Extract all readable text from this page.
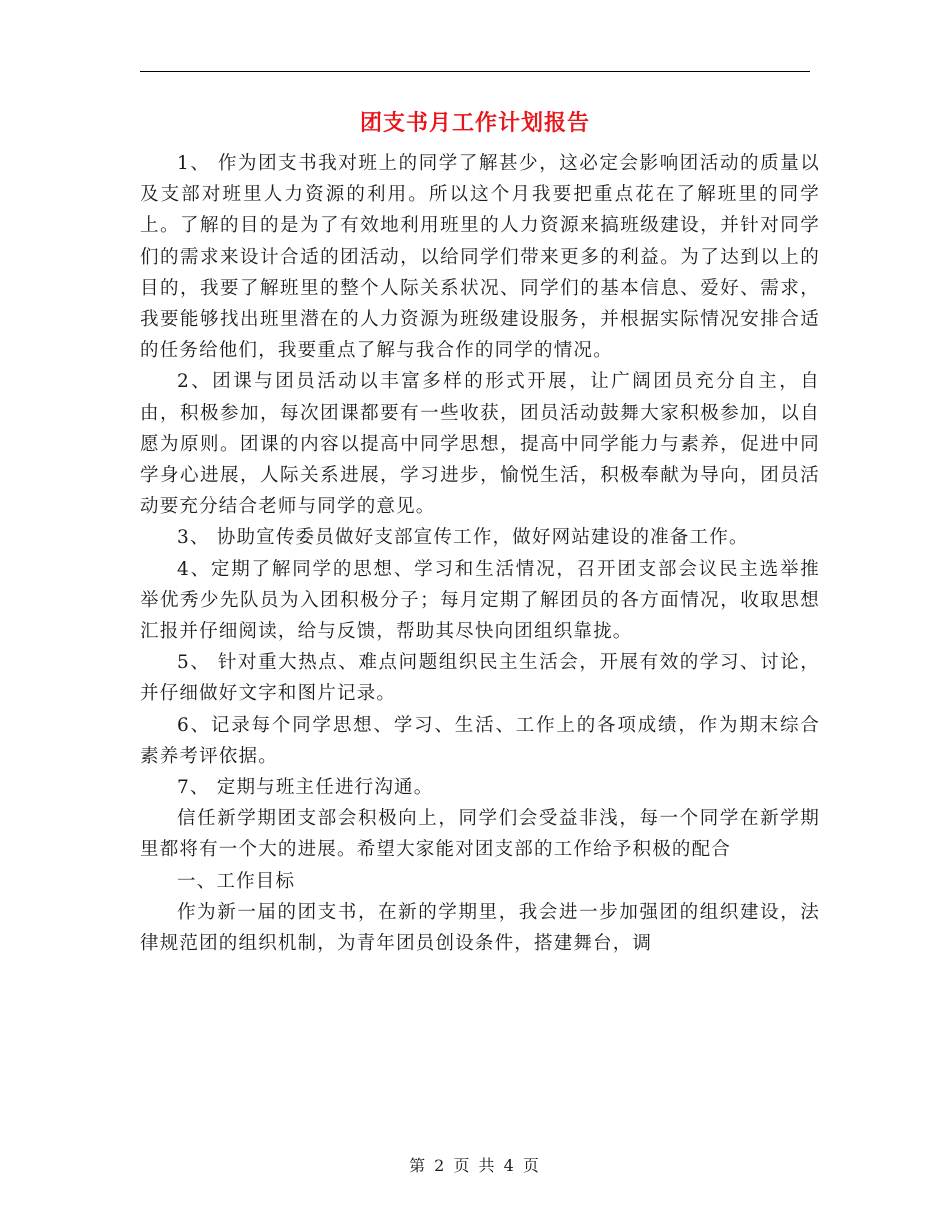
团支书月工作计划报告

1、 作为团支书我对班上的同学了解甚少，这必定会影响团活动的质量以及支部对班里人力资源的利用。所以这个月我要把重点花在了解班里的同学上。了解的目的是为了有效地利用班里的人力资源来搞班级建设，并针对同学们的需求来设计合适的团活动，以给同学们带来更多的利益。为了达到以上的目的，我要了解班里的整个人际关系状况、同学们的基本信息、爱好、需求，我要能够找出班里潜在的人力资源为班级建设服务，并根据实际情况安排合适的任务给他们，我要重点了解与我合作的同学的情况。

2、团课与团员活动以丰富多样的形式开展，让广阔团员充分自主，自由，积极参加，每次团课都要有一些收获，团员活动鼓舞大家积极参加，以自愿为原则。团课的内容以提高中同学思想，提高中同学能力与素养，促进中同学身心进展，人际关系进展，学习进步，愉悦生活，积极奉献为导向，团员活动要充分结合老师与同学的意见。

3、 协助宣传委员做好支部宣传工作，做好网站建设的准备工作。

4、定期了解同学的思想、学习和生活情况，召开团支部会议民主选举推举优秀少先队员为入团积极分子；每月定期了解团员的各方面情况，收取思想汇报并仔细阅读，给与反馈，帮助其尽快向团组织靠拢。

5、 针对重大热点、难点问题组织民主生活会，开展有效的学习、讨论，并仔细做好文字和图片记录。

6、记录每个同学思想、学习、生活、工作上的各项成绩，作为期末综合素养考评依据。

7、 定期与班主任进行沟通。

信任新学期团支部会积极向上，同学们会受益非浅，每一个同学在新学期里都将有一个大的进展。希望大家能对团支部的工作给予积极的配合

一、工作目标

作为新一届的团支书，在新的学期里，我会进一步加强团的组织建设，法律规范团的组织机制，为青年团员创设条件，搭建舞台，调

第 2 页 共 4 页
